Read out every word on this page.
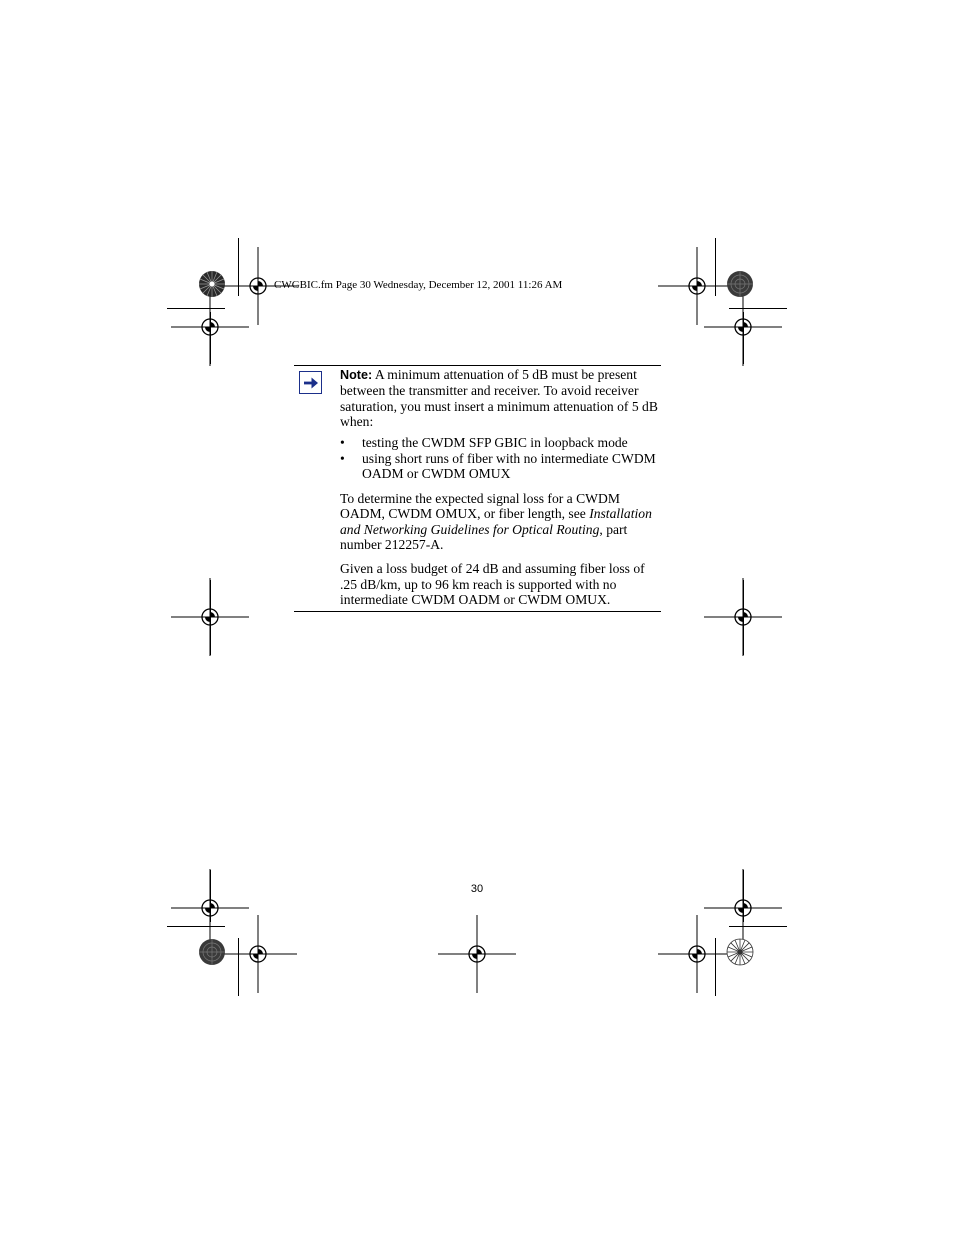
CWGBIC.fm Page 30 Wednesday, December 12, 2001 11:26 AM

Note: A minimum attenuation of 5 dB must be present between the transmitter and receiver. To avoid receiver saturation, you must insert a minimum attenuation of 5 dB when:

• testing the CWDM SFP GBIC in loopback mode
• using short runs of fiber with no intermediate CWDM OADM or CWDM OMUX

To determine the expected signal loss for a CWDM OADM, CWDM OMUX, or fiber length, see Installation and Networking Guidelines for Optical Routing, part number 212257-A.

Given a loss budget of 24 dB and assuming fiber loss of .25 dB/km, up to 96 km reach is supported with no intermediate CWDM OADM or CWDM OMUX.

30
